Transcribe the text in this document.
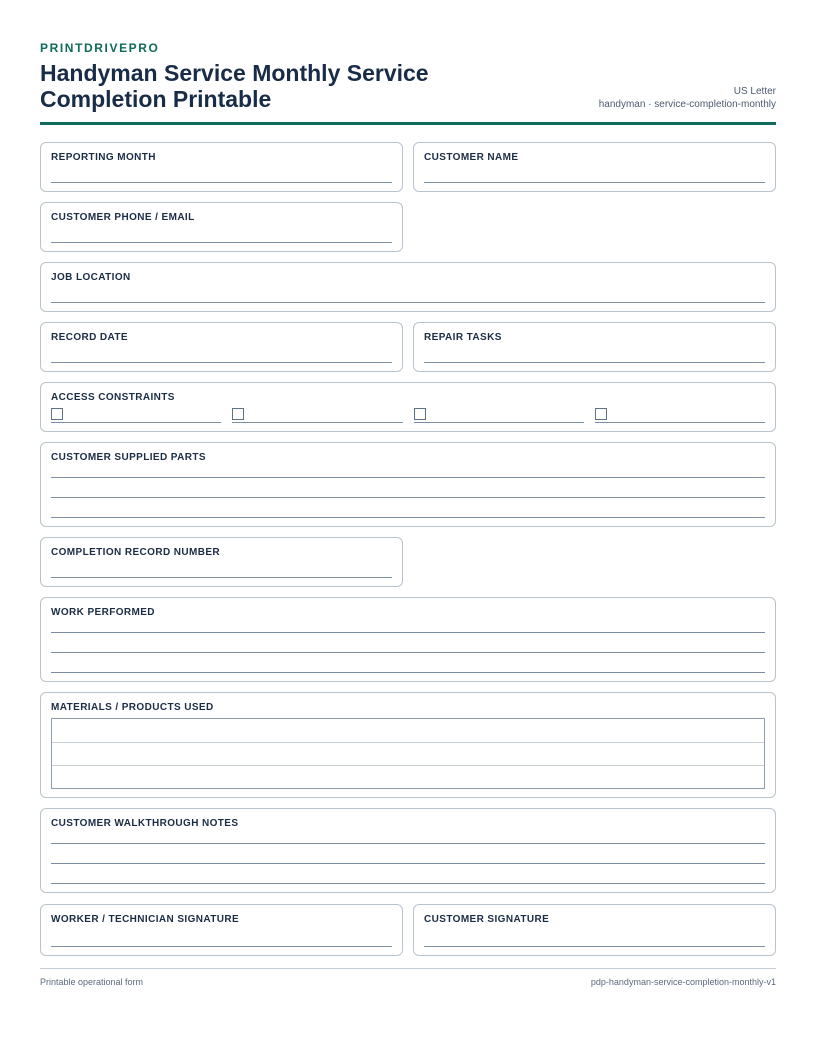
PRINTDRIVEPRO
Handyman Service Monthly Service Completion Printable	US Letter
handyman · service-completion-monthly
REPORTING MONTH	CUSTOMER NAME
CUSTOMER PHONE / EMAIL
JOB LOCATION
RECORD DATE	REPAIR TASKS
ACCESS CONSTRAINTS
CUSTOMER SUPPLIED PARTS
COMPLETION RECORD NUMBER
WORK PERFORMED
MATERIALS / PRODUCTS USED
CUSTOMER WALKTHROUGH NOTES
WORKER / TECHNICIAN SIGNATURE	CUSTOMER SIGNATURE
Printable operational form	pdp-handyman-service-completion-monthly-v1
